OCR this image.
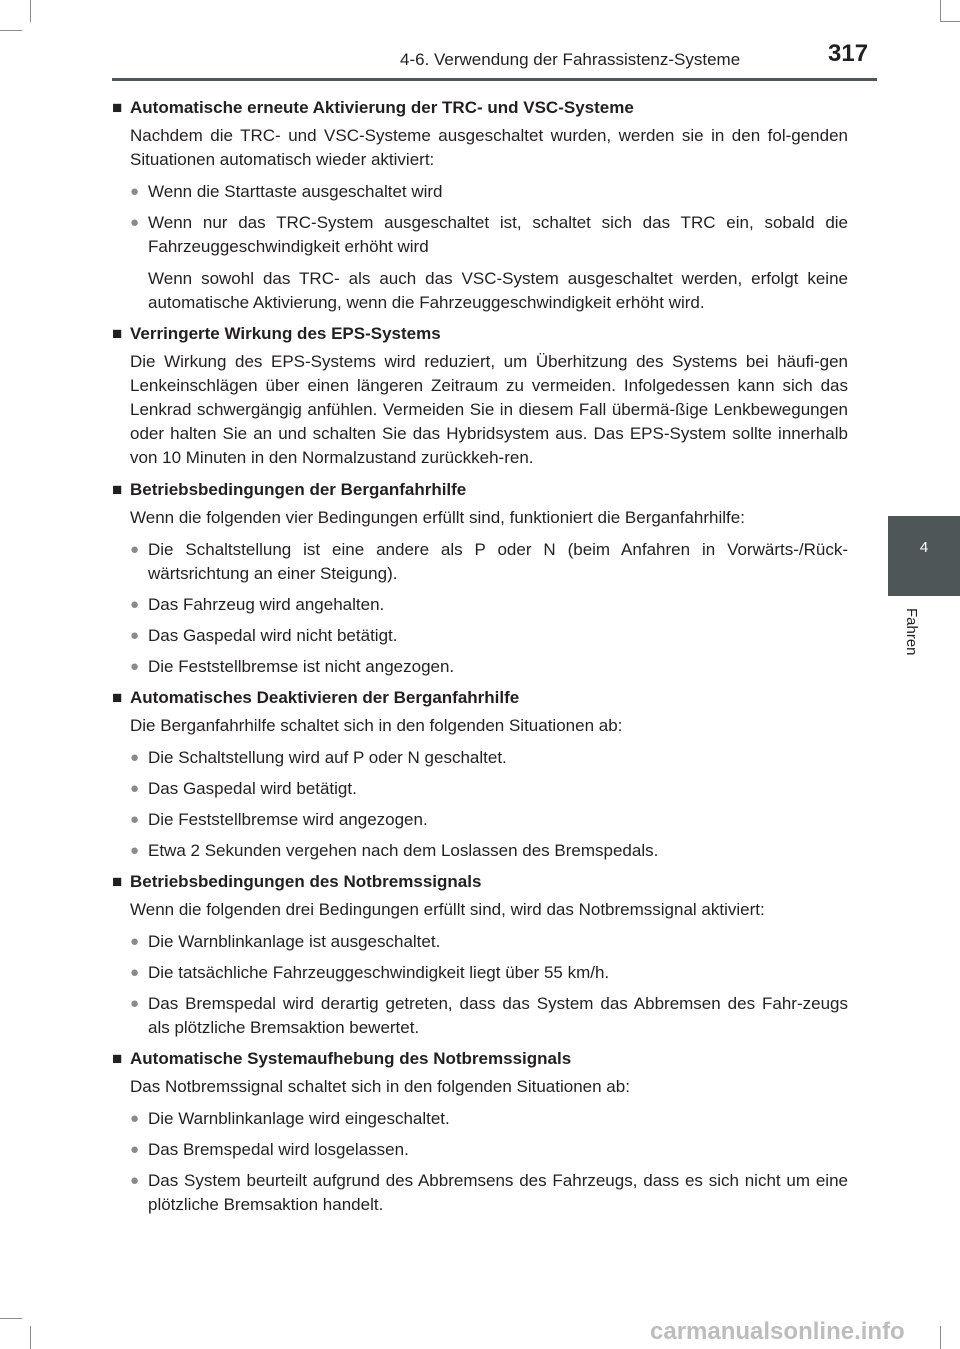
4-6. Verwendung der Fahrassistenz-Systeme	317
4
Fahren
■ Automatische erneute Aktivierung der TRC- und VSC-Systeme
Nachdem die TRC- und VSC-Systeme ausgeschaltet wurden, werden sie in den fol-genden Situationen automatisch wieder aktiviert:
● Wenn die Starttaste ausgeschaltet wird
● Wenn nur das TRC-System ausgeschaltet ist, schaltet sich das TRC ein, sobald die Fahrzeuggeschwindigkeit erhöht wird
Wenn sowohl das TRC- als auch das VSC-System ausgeschaltet werden, erfolgt keine automatische Aktivierung, wenn die Fahrzeuggeschwindigkeit erhöht wird.
■ Verringerte Wirkung des EPS-Systems
Die Wirkung des EPS-Systems wird reduziert, um Überhitzung des Systems bei häufi-gen Lenkeinschlägen über einen längeren Zeitraum zu vermeiden. Infolgedessen kann sich das Lenkrad schwergängig anfühlen. Vermeiden Sie in diesem Fall übermä-ßige Lenkbewegungen oder halten Sie an und schalten Sie das Hybridsystem aus. Das EPS-System sollte innerhalb von 10 Minuten in den Normalzustand zurückkeh-ren.
■ Betriebsbedingungen der Berganfahrhilfe
Wenn die folgenden vier Bedingungen erfüllt sind, funktioniert die Berganfahrhilfe:
● Die Schaltstellung ist eine andere als P oder N (beim Anfahren in Vorwärts-/Rück-wärtsrichtung an einer Steigung).
● Das Fahrzeug wird angehalten.
● Das Gaspedal wird nicht betätigt.
● Die Feststellbremse ist nicht angezogen.
■ Automatisches Deaktivieren der Berganfahrhilfe
Die Berganfahrhilfe schaltet sich in den folgenden Situationen ab:
● Die Schaltstellung wird auf P oder N geschaltet.
● Das Gaspedal wird betätigt.
● Die Feststellbremse wird angezogen.
● Etwa 2 Sekunden vergehen nach dem Loslassen des Bremspedals.
■ Betriebsbedingungen des Notbremssignals
Wenn die folgenden drei Bedingungen erfüllt sind, wird das Notbremssignal aktiviert:
● Die Warnblinkanlage ist ausgeschaltet.
● Die tatsächliche Fahrzeuggeschwindigkeit liegt über 55 km/h.
● Das Bremspedal wird derartig getreten, dass das System das Abbremsen des Fahr-zeugs als plötzliche Bremsaktion bewertet.
■ Automatische Systemaufhebung des Notbremssignals
Das Notbremssignal schaltet sich in den folgenden Situationen ab:
● Die Warnblinkanlage wird eingeschaltet.
● Das Bremspedal wird losgelassen.
● Das System beurteilt aufgrund des Abbremsens des Fahrzeugs, dass es sich nicht um eine plötzliche Bremsaktion handelt.
carmanualsonline.info
